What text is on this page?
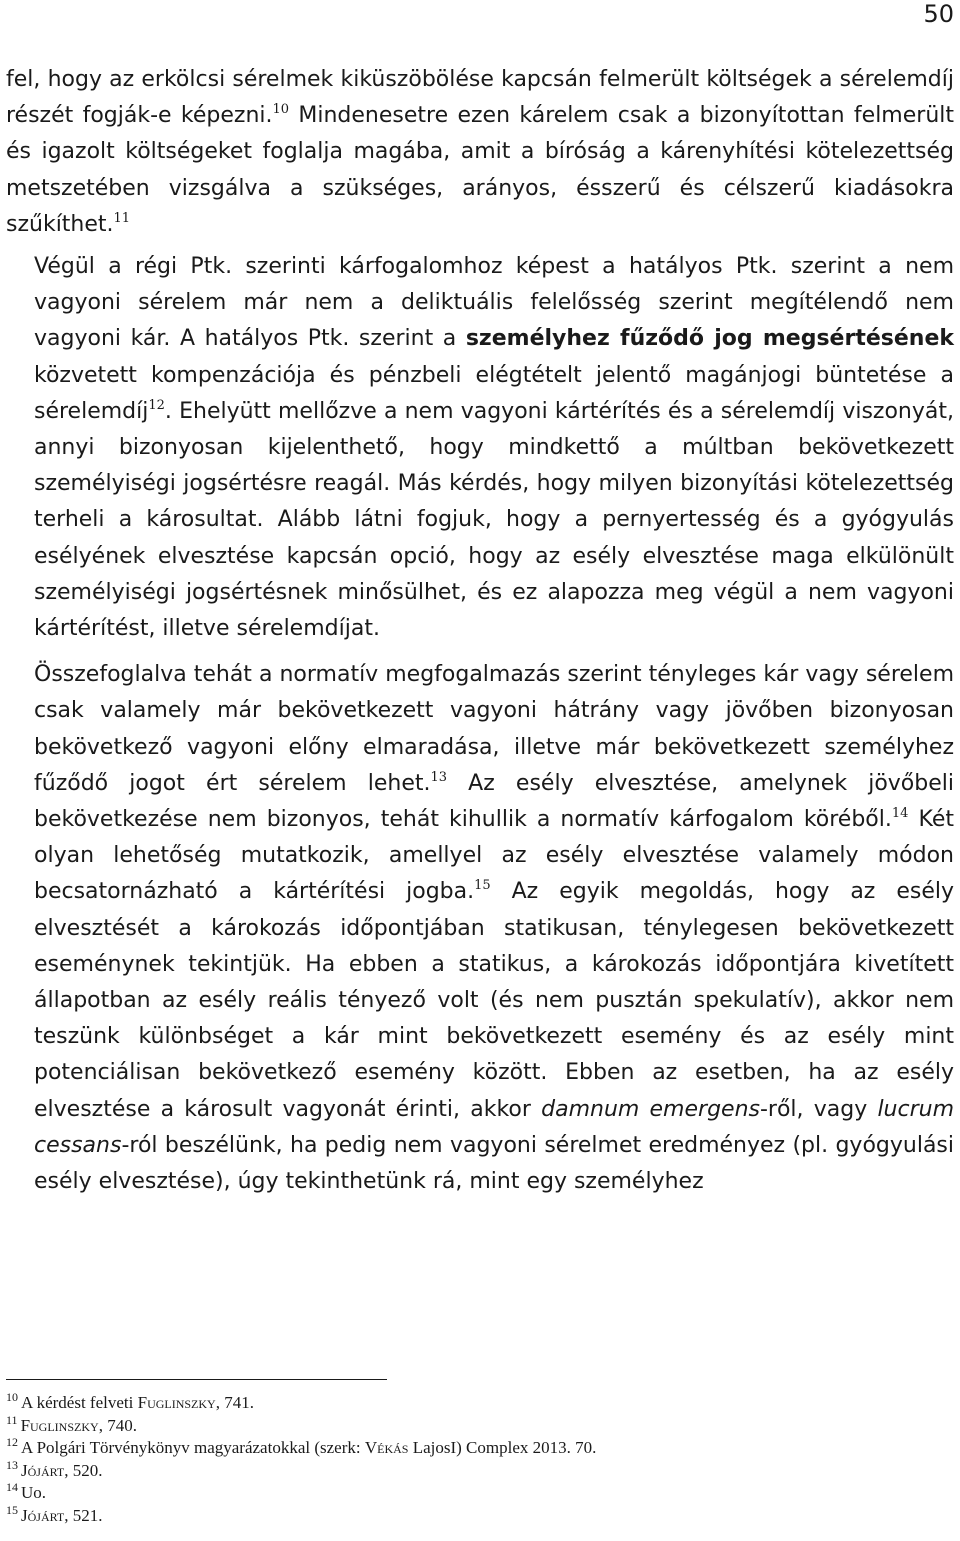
50

fel, hogy az erkölcsi sérelmek kiküszöbölése kapcsán felmerült költségek a sérelemdíj részét fogják-e képezni.$^{10}$ Mindenesetre ezen kárelem csak a bizonyítottan felmerült és igazolt költségeket foglalja magába, amit a bíróság a kárenyhítési kötelezettség metszetében vizsgálva a szükséges, arányos, ésszerű és célszerű kiadásokra szűkíthet.$^{11}$

Végül a régi Ptk. szerinti kárfogalomhoz képest a hatályos Ptk. szerint a nem vagyoni sérelem már nem a deliktuális felelősség szerint megítélendő nem vagyoni kár. A hatályos Ptk. szerint a személyhez fűződő jog megsértésének közvetett kompenzációja és pénzbeli elégtételt jelentő magánjogi büntetése a sérelemdíj$^{12}$. Ehelyütt mellőzve a nem vagyoni kártérítés és a sérelemdíj viszonyát, annyi bizonyosan kijelenthető, hogy mindkettő a múltban bekövetkezett személyiségi jogsértésre reagál. Más kérdés, hogy milyen bizonyítási kötelezettség terheli a károsultat. Alább látni fogjuk, hogy a pernyertesség és a gyógyulás esélyének elvesztése kapcsán opció, hogy az esély elvesztése maga elkülönült személyiségi jogsértésnek minősülhet, és ez alapozza meg végül a nem vagyoni kártérítést, illetve sérelemdíjat.

Összefoglalva tehát a normatív megfogalmazás szerint tényleges kár vagy sérelem csak valamely már bekövetkezett vagyoni hátrány vagy jövőben bizonyosan bekövetkező vagyoni előny elmaradása, illetve már bekövetkezett személyhez fűződő jogot ért sérelem lehet.$^{13}$ Az esély elvesztése, amelynek jövőbeli bekövetkezése nem bizonyos, tehát kihullik a normatív kárfogalom köréből.$^{14}$ Két olyan lehetőség mutatkozik, amellyel az esély elvesztése valamely módon becsatornázható a kártérítési jogba.$^{15}$ Az egyik megoldás, hogy az esély elvesztését a károkozás időpontjában statikusan, ténylegesen bekövetkezett eseménynek tekintjük. Ha ebben a statikus, a károkozás időpontjára kivetített állapotban az esély reális tényező volt (és nem pusztán spekulatív), akkor nem teszünk különbséget a kár mint bekövetkezett esemény és az esély mint potenciálisan bekövetkező esemény között. Ebben az esetben, ha az esély elvesztése a károsult vagyonát érinti, akkor damnum emergens-ről, vagy lucrum cessans-ról beszélünk, ha pedig nem vagyoni sérelmet eredményez (pl. gyógyulási esély elvesztése), úgy tekinthetünk rá, mint egy személyhez

$^{10}$ A kérdést felveti Fuglinszky, 741.
$^{11}$ Fuglinszky, 740.
$^{12}$ A Polgári Törvénykönyv magyarázatokkal (szerk: Vékás LajosI) Complex 2013. 70.
$^{13}$ Jójárt, 520.
$^{14}$ Uo.
$^{15}$ Jójárt, 521.
